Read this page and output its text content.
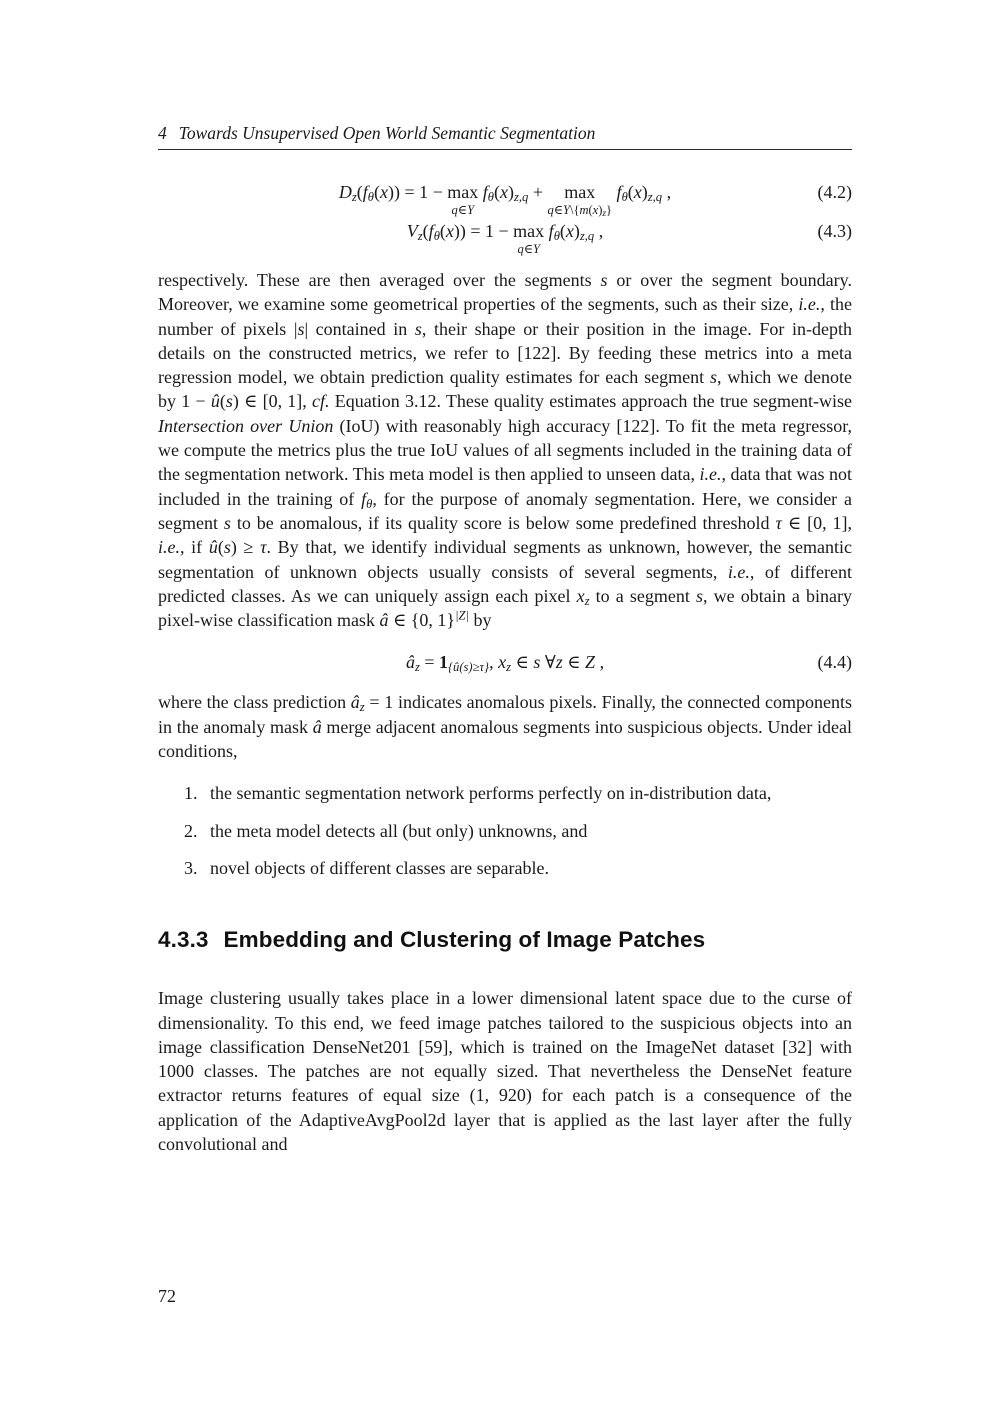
4 Towards Unsupervised Open World Semantic Segmentation
$D_z(f_\theta(x)) = 1 - \max$
q∈Y
$f_\theta(x)_{z,q} + \max$
$q\in Y\backslash\{m(x)_z\}$
$f_\theta(x)_{z,q}$ ,	(4.2)
$V_z(f_\theta(x)) = 1 - \max$
q∈Y
$f_\theta(x)_{z,q}$ ,	(4.3)

respectively. These are then averaged over the segments s or over the segment boundary. Moreover, we examine some geometrical properties of the segments, such as their size, i.e., the number of pixels |s| contained in s, their shape or their position in the image. For in-depth details on the constructed metrics, we refer to [122]. By feeding these metrics into a meta regression model, we obtain prediction quality estimates for each segment s, which we denote by 1 − û(s) ∈ [0, 1], cf. Equation 3.12. These quality estimates approach the true segment-wise Intersection over Union (IoU) with reasonably high accuracy [122]. To fit the meta regressor, we compute the metrics plus the true IoU values of all segments included in the training data of the segmentation network. This meta model is then applied to unseen data, i.e., data that was not included in the training of $f_\theta$, for the purpose of anomaly segmentation. Here, we consider a segment s to be anomalous, if its quality score is below some predefined threshold τ ∈ [0, 1], i.e., if û(s) ≥ τ. By that, we identify individual segments as unknown, however, the semantic segmentation of unknown objects usually consists of several segments, i.e., of different predicted classes. As we can uniquely assign each pixel $x_z$ to a segment s, we obtain a binary pixel-wise classification mask â ∈ {0, 1}$^{|Z|}$ by

$â_z = 1_{\{û(s)\ge\tau\}}$, $x_z$ ∈ s ∀z ∈ Z ,	(4.4)

where the class prediction $â_z = 1$ indicates anomalous pixels. Finally, the connected components in the anomaly mask â merge adjacent anomalous segments into suspicious objects. Under ideal conditions,

1. the semantic segmentation network performs perfectly on in-distribution data,
2. the meta model detects all (but only) unknowns, and
3. novel objects of different classes are separable.
4.3.3 Embedding and Clustering of Image Patches

Image clustering usually takes place in a lower dimensional latent space due to the curse of dimensionality. To this end, we feed image patches tailored to the suspicious objects into an image classification DenseNet201 [59], which is trained on the ImageNet dataset [32] with 1000 classes. The patches are not equally sized. That nevertheless the DenseNet feature extractor returns features of equal size (1, 920) for each patch is a consequence of the application of the AdaptiveAvgPool2d layer that is applied as the last layer after the fully convolutional and

72
